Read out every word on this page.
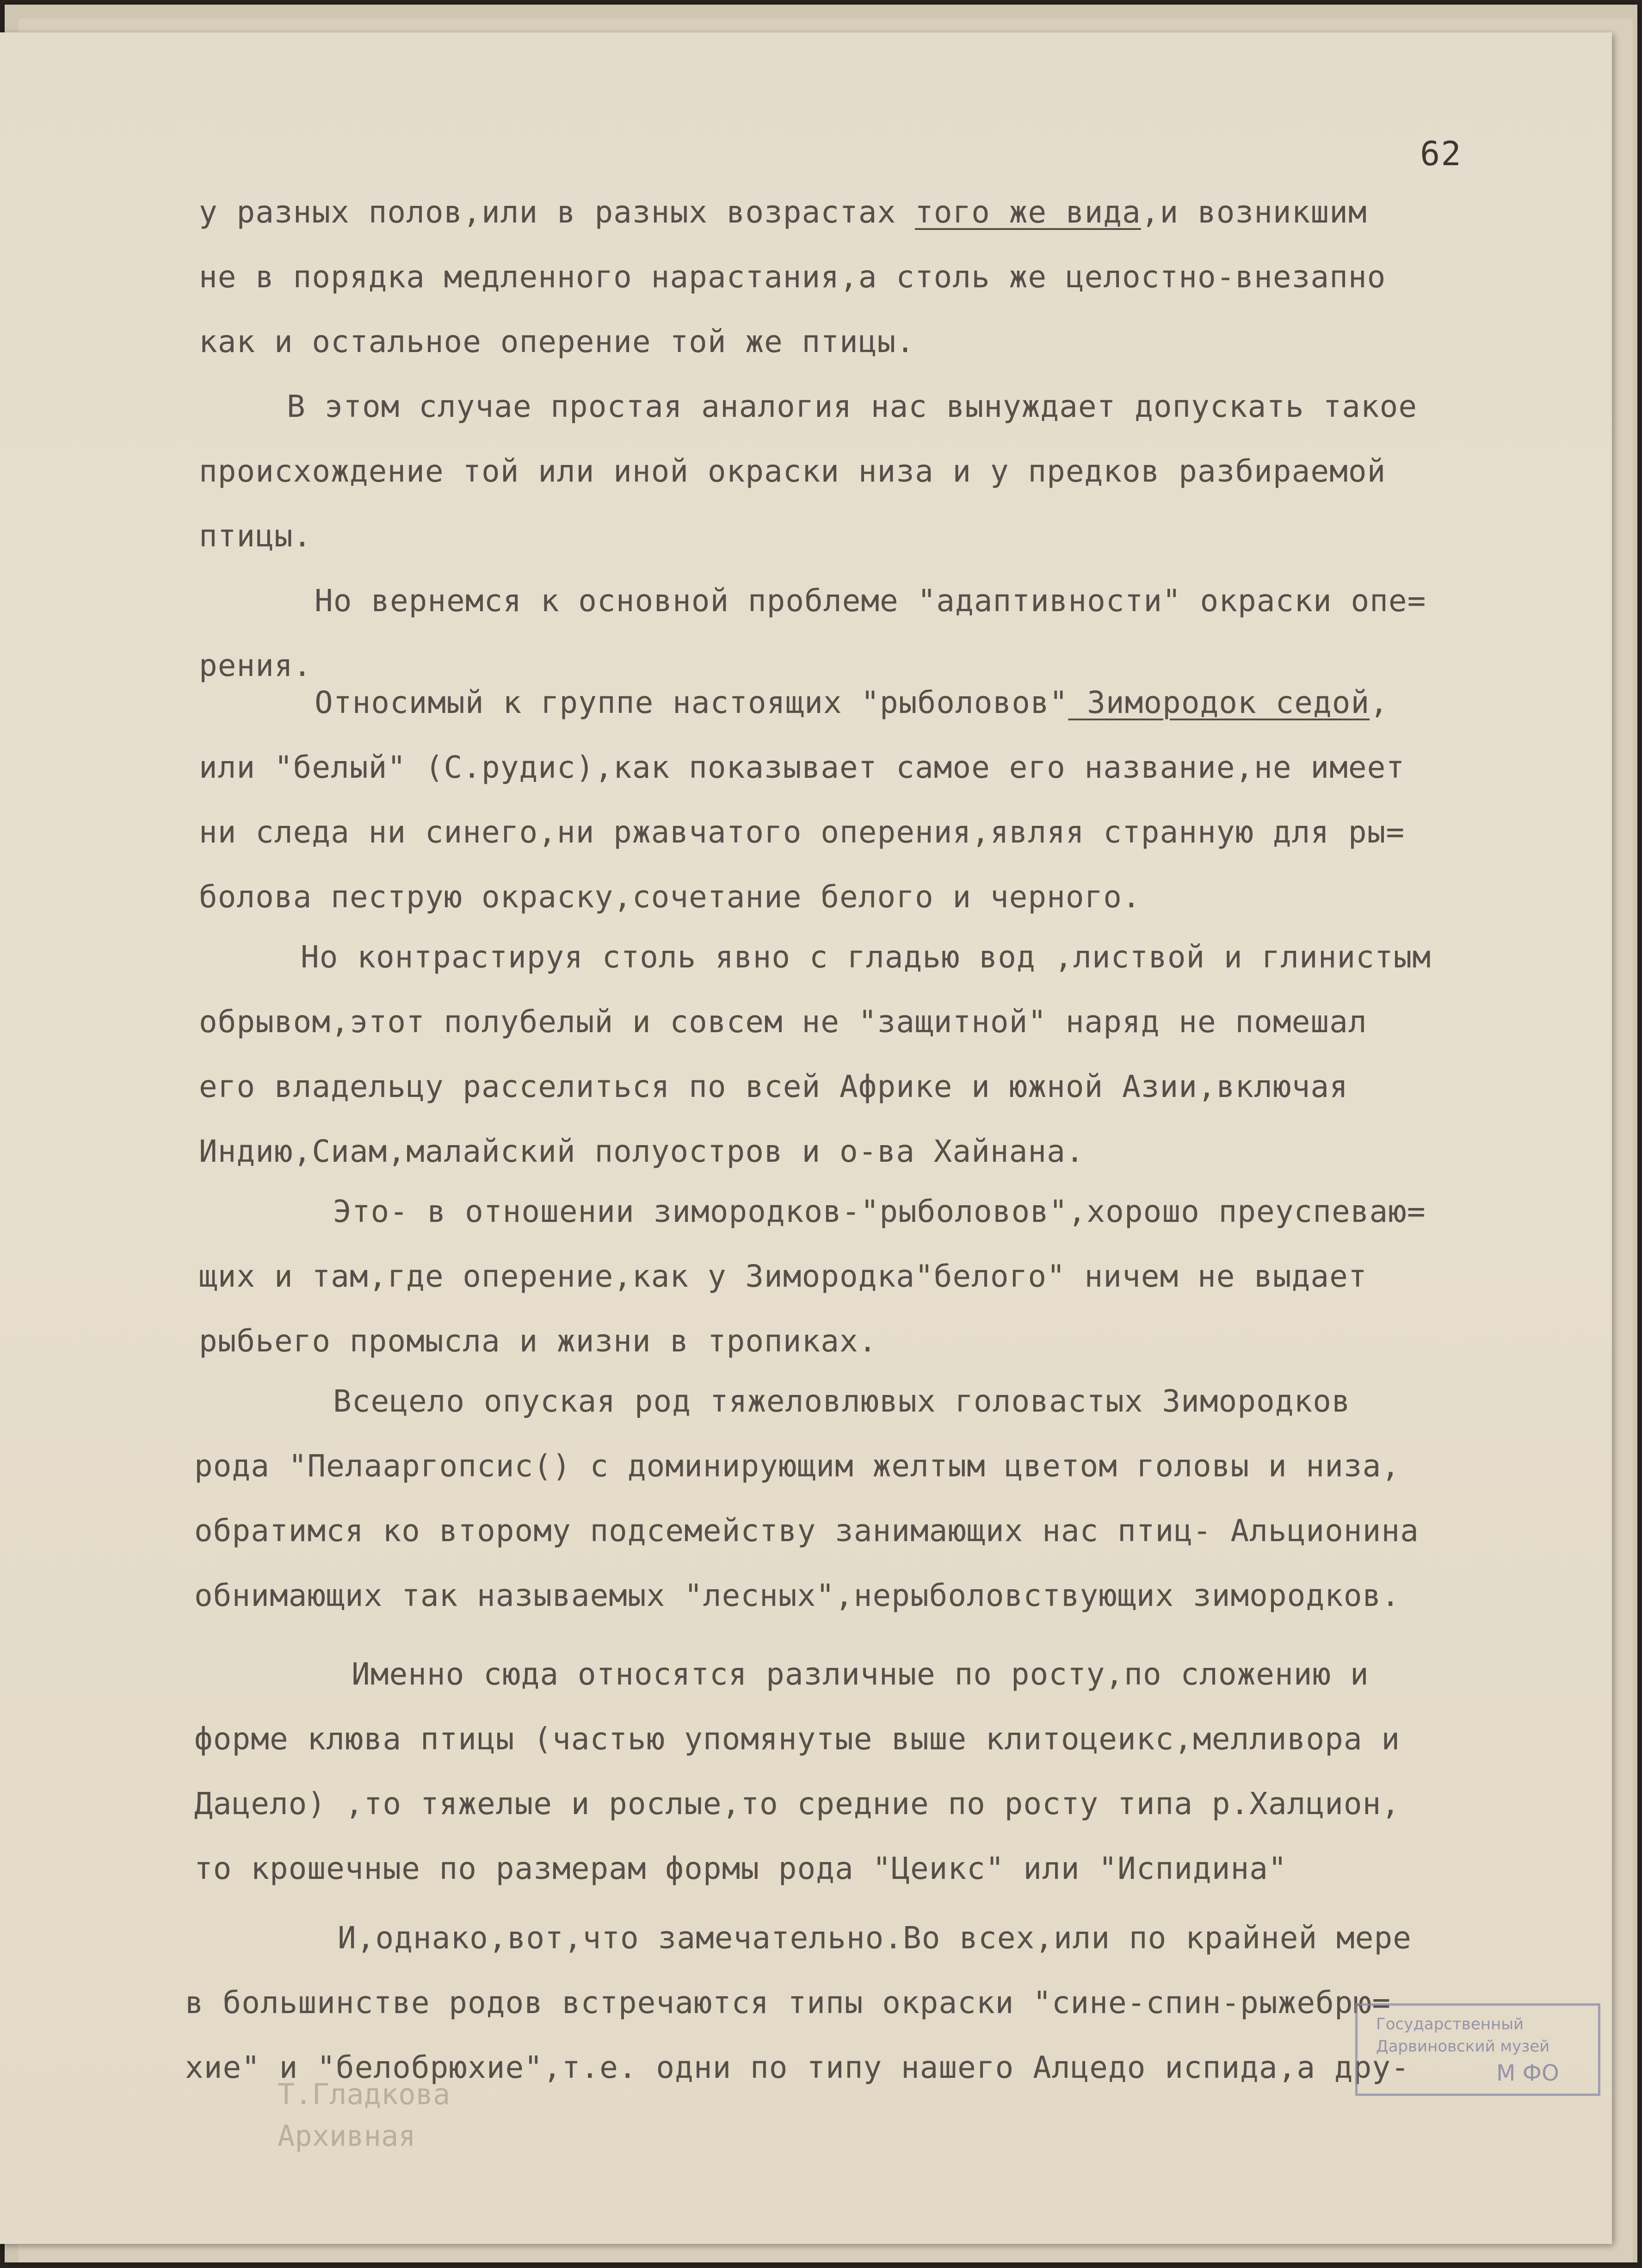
62
у разных полов,или в разных возрастах того же вида,и возникшим
не в порядка медленного нарастания,а столь же целостно-внезапно
как и остальное оперение той же птицы.
В этом случае простая аналогия нас вынуждает допускать такое
происхождение той или иной окраски низа и у предков разбираемой
птицы.
Но вернемся к основной проблеме "адаптивности" окраски опе=
рения.
Относимый к группе настоящих "рыболовов" Зимородок седой,
или "белый" (С.рудис),как показывает самое его название,не имеет
ни следа ни синего,ни ржавчатого оперения,являя странную для ры=
болова пеструю окраску,сочетание белого и черного.
Но контрастируя столь явно с гладью вод ,листвой и глинистым
обрывом,этот полубелый и совсем не "защитной" наряд не помешал
его владельцу расселиться по всей Африке и южной Азии,включая
Индию,Сиам,малайский полуостров и о-ва Хайнана.
Это- в отношении зимородков-"рыболовов",хорошо преуспеваю=
щих и там,где оперение,как у Зимородка"белого" ничем не выдает
рыбьего промысла и жизни в тропиках.
Всецело опуская род тяжеловлювых головастых Зимородков
рода "Пелааргопсис() с доминирующим желтым цветом головы и низа,
обратимся ко второму подсемейству занимающих нас птиц- Альционина
обнимающих так называемых "лесных",нерыболовствующих зимородков.
Именно сюда относятся различные по росту,по сложению и
форме клюва птицы (частью упомянутые выше клитоцеикс,мелливора и
Дацело) ,то тяжелые и рослые,то средние по росту типа р.Халцион,
то крошечные по размерам формы рода "Цеикс" или "Испидина"
И,однако,вот,что замечательно.Во всех,или по крайней мере
в большинстве родов встречаются типы окраски "сине-спин-рыжебрю=
хие" и "белобрюхие",т.е. одни по типу нашего Алцедо испида,а дру-
Т.Гладкова
Архивная
Государственный
Дарвиновский музей
М ФО
